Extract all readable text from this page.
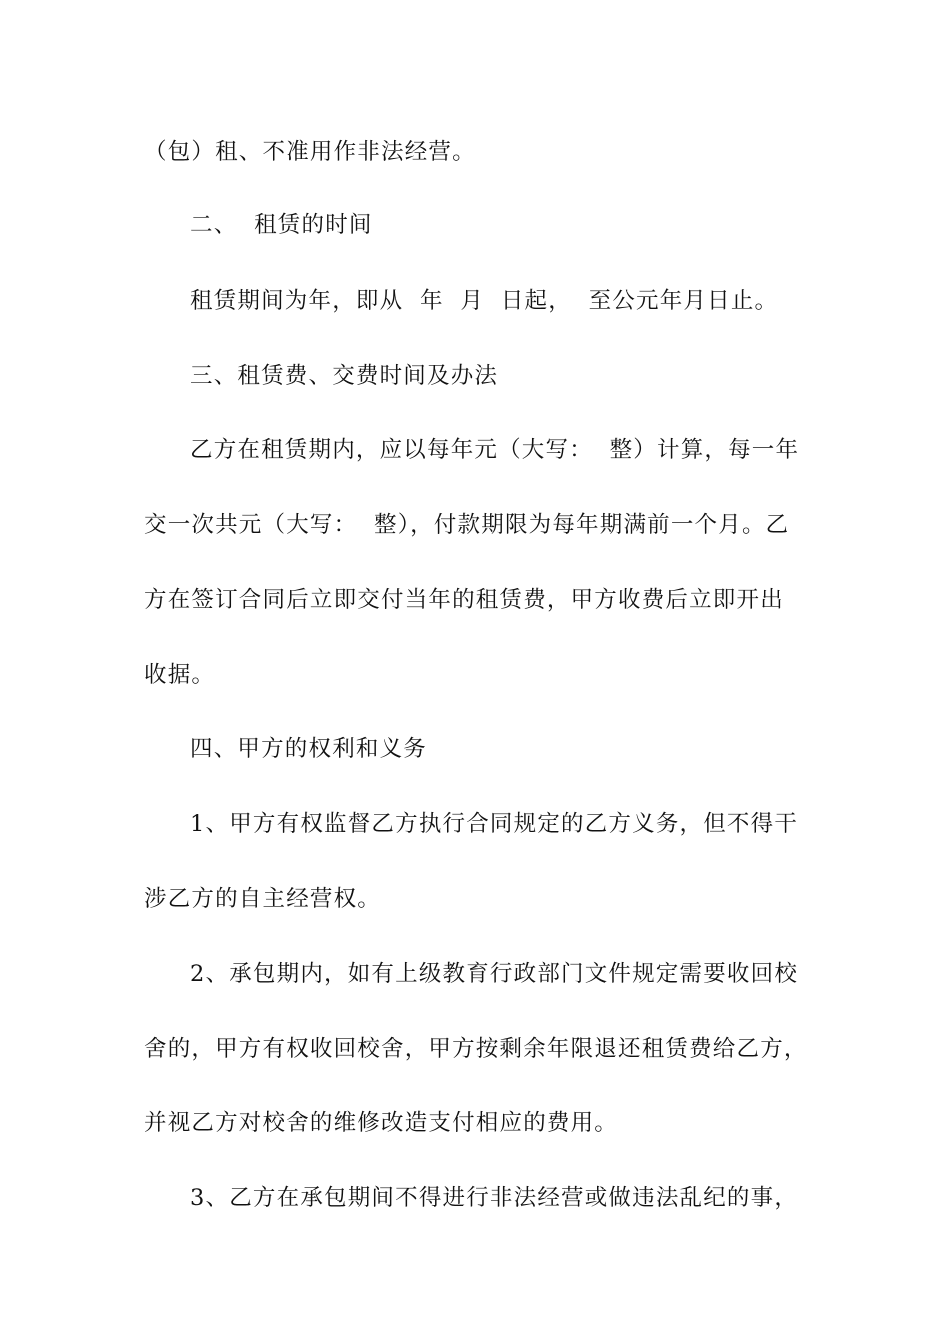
（包）租、不准用作非法经营。
二、  租赁的时间
租赁期间为年，即从  年  月  日起，  至公元年月日止。
三、租赁费、交费时间及办法
乙方在租赁期内，应以每年元（大写：  整）计算，每一年
交一次共元（大写：  整），付款期限为每年期满前一个月。乙
方在签订合同后立即交付当年的租赁费，甲方收费后立即开出
收据。
四、甲方的权利和义务
1、甲方有权监督乙方执行合同规定的乙方义务，但不得干
涉乙方的自主经营权。
2、承包期内，如有上级教育行政部门文件规定需要收回校
舍的，甲方有权收回校舍，甲方按剩余年限退还租赁费给乙方，
并视乙方对校舍的维修改造支付相应的费用。
3、乙方在承包期间不得进行非法经营或做违法乱纪的事，
